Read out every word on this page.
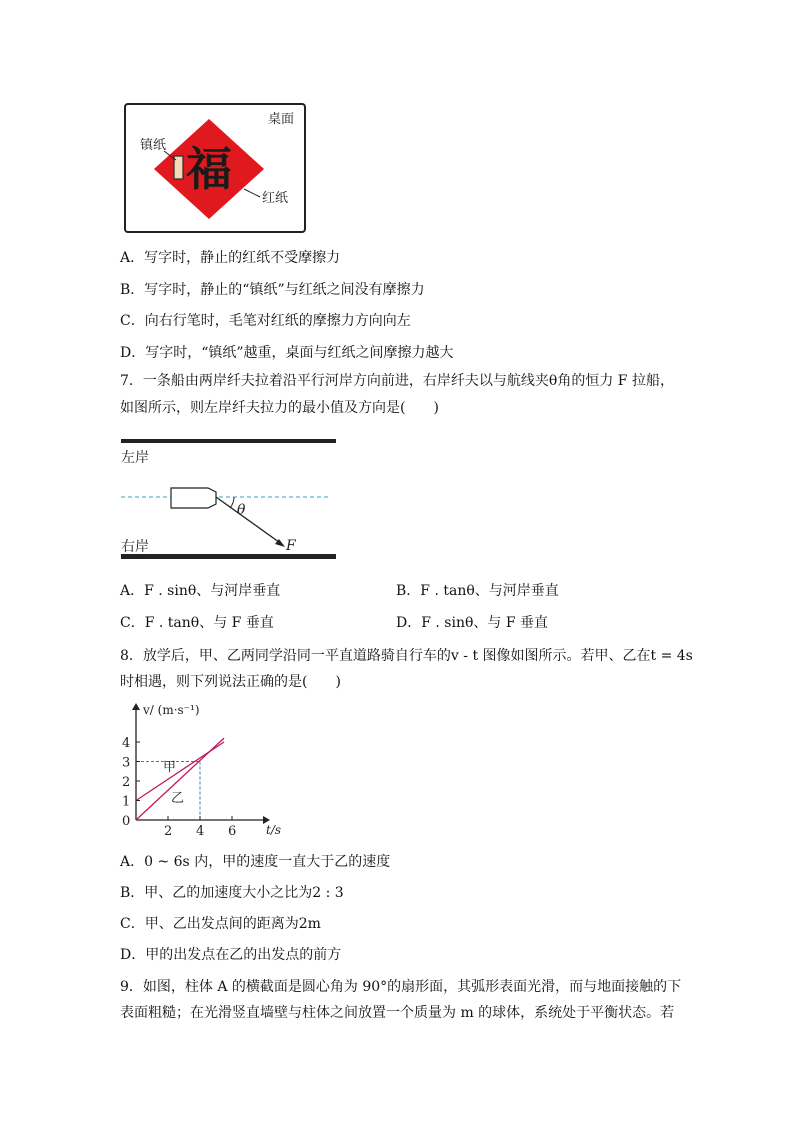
福
桌面
镇纸
红纸
A．写字时，静止的红纸不受摩擦力
B．写字时，静止的“镇纸”与红纸之间没有摩擦力
C．向右行笔时，毛笔对红纸的摩擦力方向向左
D．写字时，“镇纸”越重，桌面与红纸之间摩擦力越大
7．一条船由两岸纤夫拉着沿平行河岸方向前进，右岸纤夫以与航线夹θ角的恒力 F 拉船，
如图所示，则左岸纤夫拉力的最小值及方向是(　　)
左岸
右岸
θ
F
A．F . sinθ、与河岸垂直	B．F . tanθ、与河岸垂直
C．F . tanθ、与 F 垂直	D．F . sinθ、与 F 垂直
8．放学后，甲、乙两同学沿同一平直道路骑自行车的v - t 图像如图所示。若甲、乙在t = 4s
时相遇，则下列说法正确的是(　　)
v/ (m·s⁻¹)
t/s
0
1
2
3
4
2 4 6
甲
乙
A．0 ~ 6s 内，甲的速度一直大于乙的速度
B．甲、乙的加速度大小之比为2 : 3
C．甲、乙出发点间的距离为2m
D．甲的出发点在乙的出发点的前方
9．如图，柱体 A 的横截面是圆心角为 90°的扇形面，其弧形表面光滑，而与地面接触的下
表面粗糙；在光滑竖直墙壁与柱体之间放置一个质量为 m 的球体，系统处于平衡状态。若
